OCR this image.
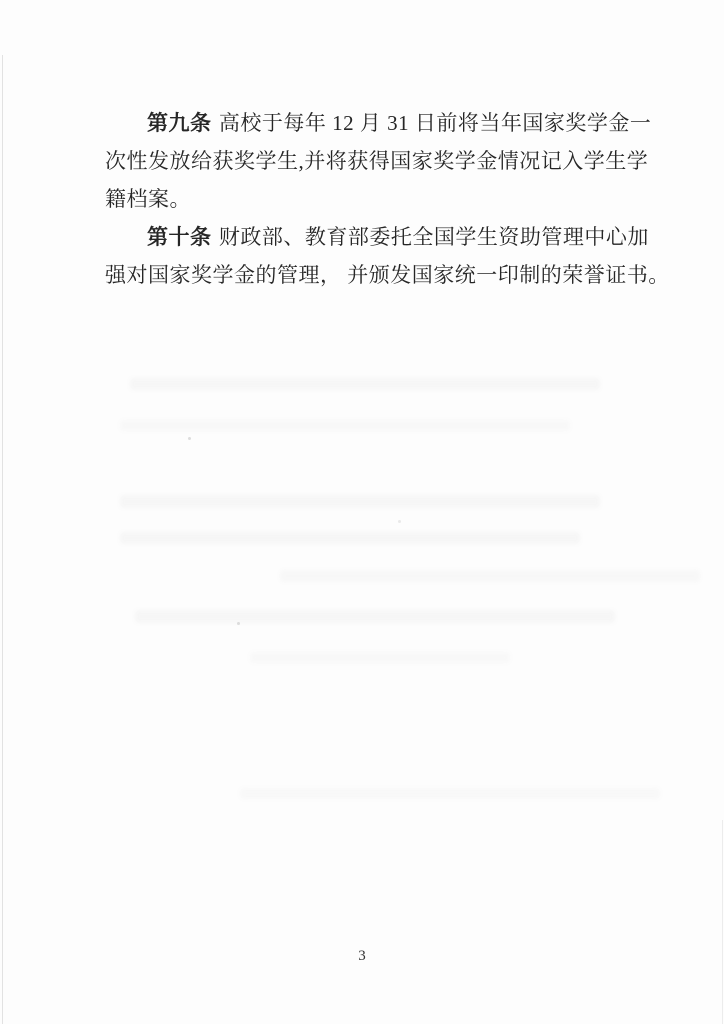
第九条 高校于每年 12 月 31 日前将当年国家奖学金一
次性发放给获奖学生,并将获得国家奖学金情况记入学生学
籍档案。
第十条 财政部、教育部委托全国学生资助管理中心加
强对国家奖学金的管理， 并颁发国家统一印制的荣誉证书。
3
